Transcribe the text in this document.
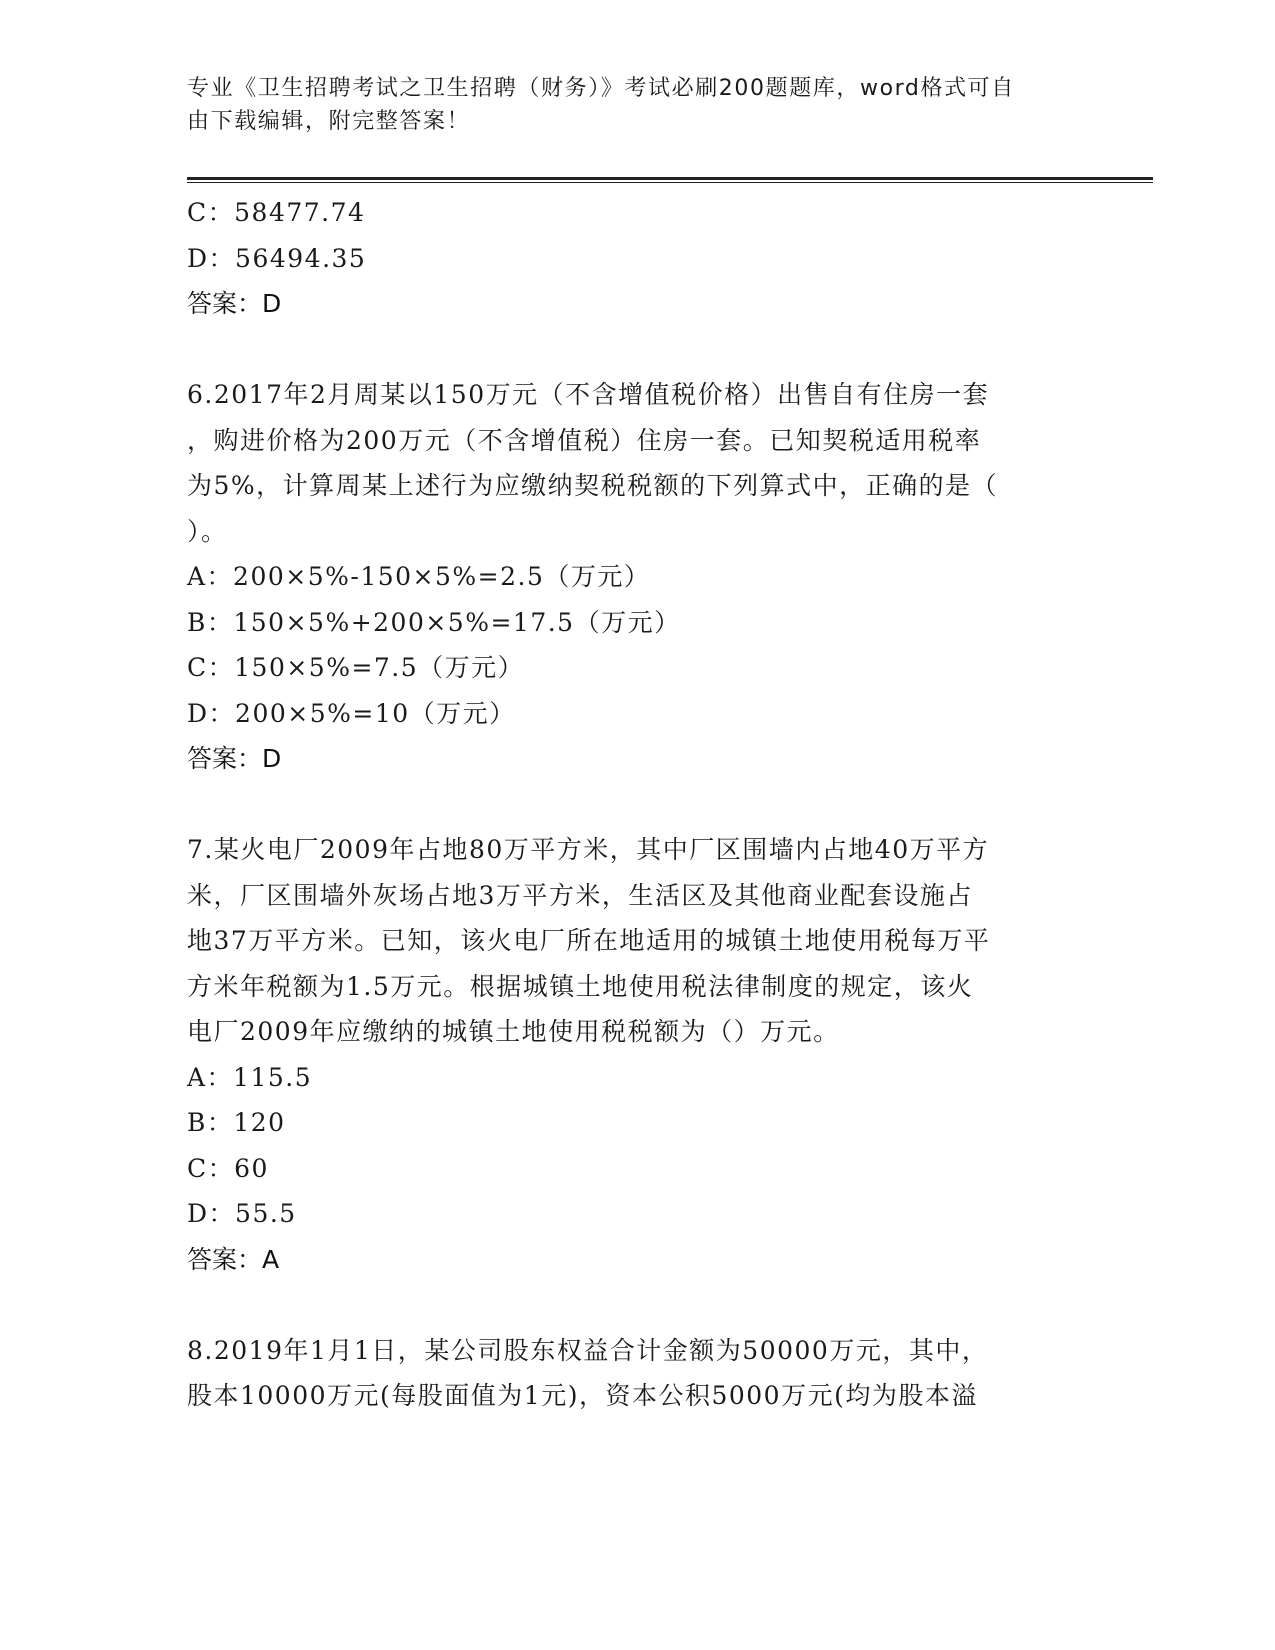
专业《卫生招聘考试之卫生招聘（财务）》考试必刷200题题库，word格式可自
由下载编辑，附完整答案！
C：58477.74
D：56494.35
答案：D
6.2017年2月周某以150万元（不含增值税价格）出售自有住房一套
，购进价格为200万元（不含增值税）住房一套。已知契税适用税率
为5%，计算周某上述行为应缴纳契税税额的下列算式中，正确的是（
）。
A：200×5%-150×5%=2.5（万元）
B：150×5%+200×5%=17.5（万元）
C：150×5%=7.5（万元）
D：200×5%=10（万元）
答案：D
7.某火电厂2009年占地80万平方米，其中厂区围墙内占地40万平方
米，厂区围墙外灰场占地3万平方米，生活区及其他商业配套设施占
地37万平方米。已知，该火电厂所在地适用的城镇土地使用税每万平
方米年税额为1.5万元。根据城镇土地使用税法律制度的规定，该火
电厂2009年应缴纳的城镇土地使用税税额为（）万元。
A：115.5
B：120
C：60
D：55.5
答案：A
8.2019年1月1日，某公司股东权益合计金额为50000万元，其中，
股本10000万元(每股面值为1元)，资本公积5000万元(均为股本溢
